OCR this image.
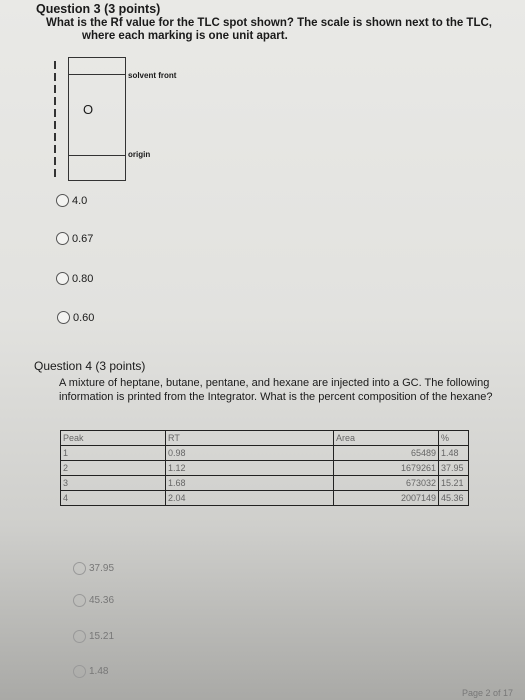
Question 3 (3 points)
What is the Rf value for the TLC spot shown? The scale is shown next to the TLC,
where each marking is one unit apart.
O
solvent front
origin
4.0
0.67
0.80
0.60
Question 4 (3 points)
A mixture of heptane, butane, pentane, and hexane are injected into a GC. The following information is printed from the Integrator. What is the percent composition of the hexane?
Peak	RT	Area	%
1	0.98	65489	1.48
2	1.12	1679261	37.95
3	1.68	673032	15.21
4	2.04	2007149	45.36
37.95
45.36
15.21
1.48
Page 2 of 17
